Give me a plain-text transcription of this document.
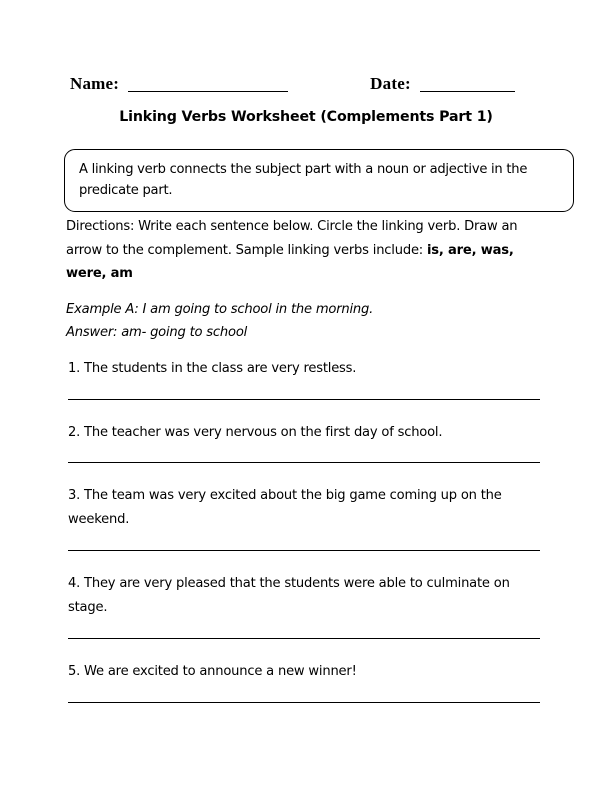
Name:	Date:
Linking Verbs Worksheet (Complements Part 1)
A linking verb connects the subject part with a noun or adjective in the predicate part.
Directions: Write each sentence below. Circle the linking verb. Draw an arrow to the complement. Sample linking verbs include: is, are, was, were, am
Example A: I am going to school in the morning.
Answer: am- going to school
1. The students in the class are very restless.
2. The teacher was very nervous on the first day of school.
3. The team was very excited about the big game coming up on the weekend.
4. They are very pleased that the students were able to culminate on stage.
5. We are excited to announce a new winner!
